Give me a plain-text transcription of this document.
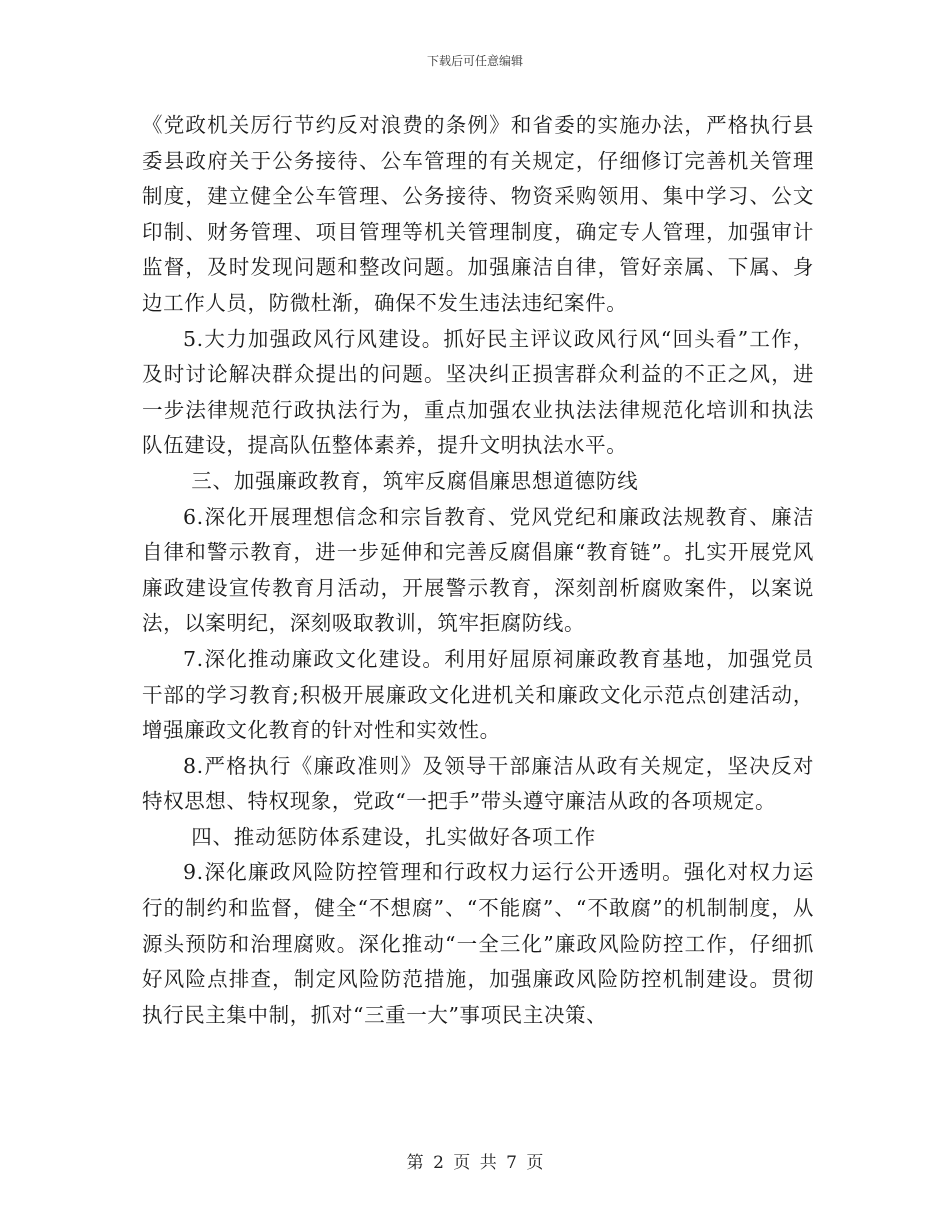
下载后可任意编辑

《党政机关厉行节约反对浪费的条例》和省委的实施办法，严格执行县委县政府关于公务接待、公车管理的有关规定，仔细修订完善机关管理制度，建立健全公车管理、公务接待、物资采购领用、集中学习、公文印制、财务管理、项目管理等机关管理制度，确定专人管理，加强审计监督，及时发现问题和整改问题。加强廉洁自律，管好亲属、下属、身边工作人员，防微杜渐，确保不发生违法违纪案件。

5.大力加强政风行风建设。抓好民主评议政风行风“回头看”工作，及时讨论解决群众提出的问题。坚决纠正损害群众利益的不正之风，进一步法律规范行政执法行为，重点加强农业执法法律规范化培训和执法队伍建设，提高队伍整体素养，提升文明执法水平。

三、加强廉政教育，筑牢反腐倡廉思想道德防线

6.深化开展理想信念和宗旨教育、党风党纪和廉政法规教育、廉洁自律和警示教育，进一步延伸和完善反腐倡廉“教育链”。扎实开展党风廉政建设宣传教育月活动，开展警示教育，深刻剖析腐败案件，以案说法，以案明纪，深刻吸取教训，筑牢拒腐防线。

7.深化推动廉政文化建设。利用好屈原祠廉政教育基地，加强党员干部的学习教育;积极开展廉政文化进机关和廉政文化示范点创建活动，增强廉政文化教育的针对性和实效性。

8.严格执行《廉政准则》及领导干部廉洁从政有关规定，坚决反对特权思想、特权现象，党政“一把手”带头遵守廉洁从政的各项规定。

四、推动惩防体系建设，扎实做好各项工作

9.深化廉政风险防控管理和行政权力运行公开透明。强化对权力运行的制约和监督，健全“不想腐”、“不能腐”、“不敢腐”的机制制度，从源头预防和治理腐败。深化推动“一全三化”廉政风险防控工作，仔细抓好风险点排查，制定风险防范措施，加强廉政风险防控机制建设。贯彻执行民主集中制，抓对“三重一大”事项民主决策、

第 2 页 共 7 页
